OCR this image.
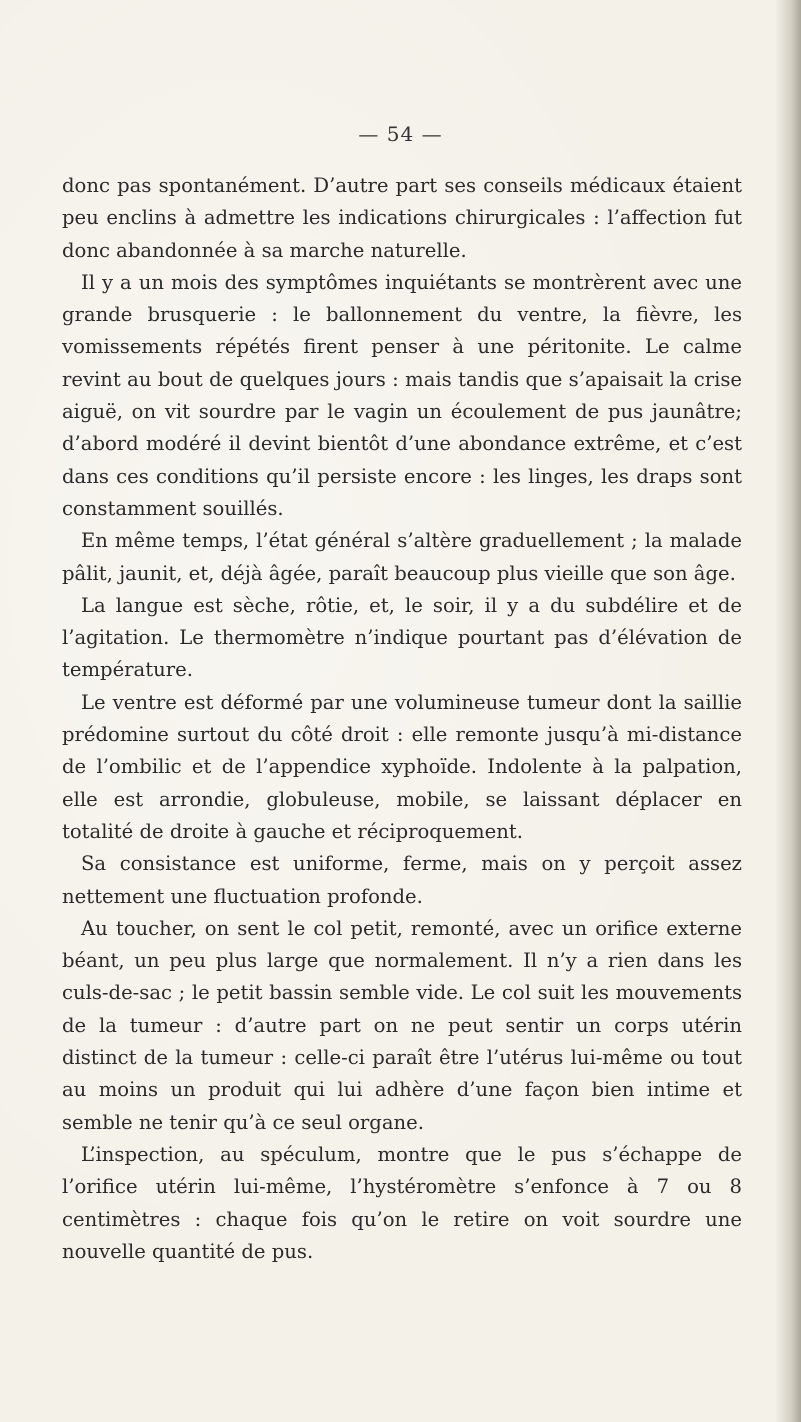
— 54 —

donc pas spontanément. D’autre part ses conseils médicaux étaient peu enclins à admettre les indications chirurgicales : l’affection fut donc abandonnée à sa marche naturelle.

Il y a un mois des symptômes inquiétants se montrèrent avec une grande brusquerie : le ballonnement du ventre, la fièvre, les vomissements répétés firent penser à une péritonite. Le calme revint au bout de quelques jours : mais tandis que s’apaisait la crise aiguë, on vit sourdre par le vagin un écoulement de pus jaunâtre; d’abord modéré il devint bientôt d’une abondance extrême, et c’est dans ces conditions qu’il persiste encore : les linges, les draps sont constamment souillés.

En même temps, l’état général s’altère graduellement ; la malade pâlit, jaunit, et, déjà âgée, paraît beaucoup plus vieille que son âge.

La langue est sèche, rôtie, et, le soir, il y a du subdélire et de l’agitation. Le thermomètre n’indique pourtant pas d’élévation de température.

Le ventre est déformé par une volumineuse tumeur dont la saillie prédomine surtout du côté droit : elle remonte jusqu’à mi-distance de l’ombilic et de l’appendice xyphoïde. Indolente à la palpation, elle est arrondie, globuleuse, mobile, se laissant déplacer en totalité de droite à gauche et réciproquement.

Sa consistance est uniforme, ferme, mais on y perçoit assez nettement une fluctuation profonde.

Au toucher, on sent le col petit, remonté, avec un orifice externe béant, un peu plus large que normalement. Il n’y a rien dans les culs-de-sac ; le petit bassin semble vide. Le col suit les mouvements de la tumeur : d’autre part on ne peut sentir un corps utérin distinct de la tumeur : celle-ci paraît être l’utérus lui-même ou tout au moins un produit qui lui adhère d’une façon bien intime et semble ne tenir qu’à ce seul organe.

L’inspection, au spéculum, montre que le pus s’échappe de l’orifice utérin lui-même, l’hystéromètre s’enfonce à 7 ou 8 centimètres : chaque fois qu’on le retire on voit sourdre une nouvelle quantité de pus.
